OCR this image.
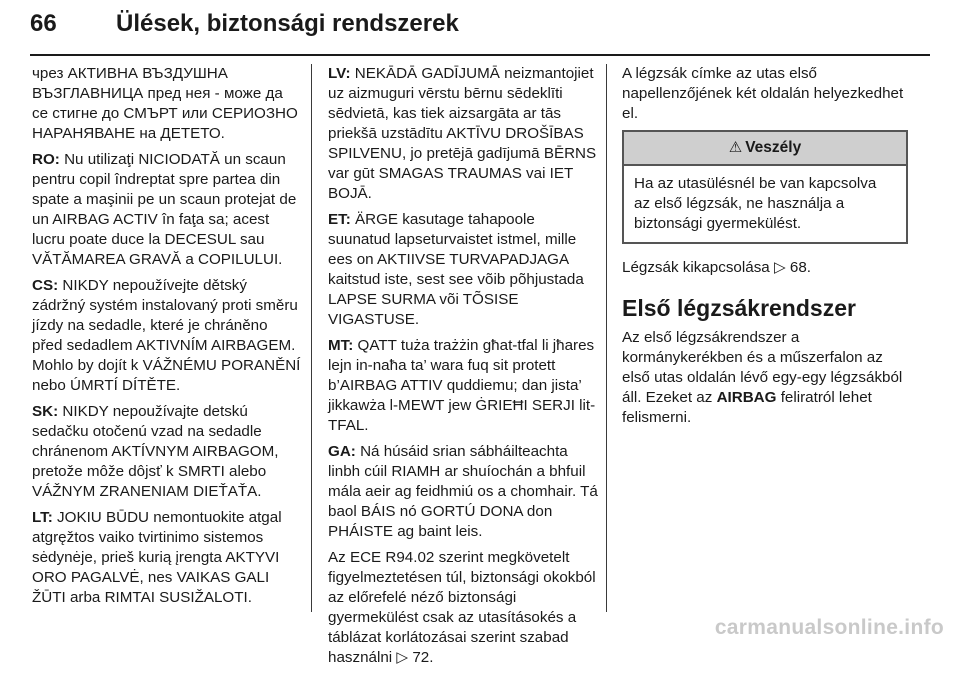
66 Ülések, biztonsági rendszerek

чрез АКТИВНА ВЪЗДУШНА ВЪЗГЛАВНИЦА пред нея - може да се стигне до СМЪРТ или СЕРИОЗНО НАРАНЯВАНЕ на ДЕТЕТО.

RO: Nu utilizaţi NICIODATĂ un scaun pentru copil îndreptat spre partea din spate a maşinii pe un scaun protejat de un AIRBAG ACTIV în faţa sa; acest lucru poate duce la DECESUL sau VĂTĂMAREA GRAVĂ a COPILULUI.

CS: NIKDY nepoužívejte dětský zádržný systém instalovaný proti směru jízdy na sedadle, které je chráněno před sedadlem AKTIVNÍM AIRBAGEM. Mohlo by dojít k VÁŽNÉMU PORANĚNÍ nebo ÚMRTÍ DÍTĚTE.

SK: NIKDY nepoužívajte detskú sedačku otočenú vzad na sedadle chránenom AKTÍVNYM AIRBAGOM, pretože môže dôjsť k SMRTI alebo VÁŽNYM ZRANENIAM DIEŤAŤA.

LT: JOKIU BŪDU nemontuokite atgal atgręžtos vaiko tvirtinimo sistemos sėdynėje, prieš kurią įrengta AKTYVI ORO PAGALVĖ, nes VAIKAS GALI ŽŪTI arba RIMTAI SUSIŽALOTI.

LV: NEKĀDĀ GADĪJUMĀ neizmantojiet uz aizmuguri vērstu bērnu sēdeklīti sēdvietā, kas tiek aizsargāta ar tās priekšā uzstādītu AKTĪVU DROŠĪBAS SPILVENU, jo pretējā gadījumā BĒRNS var gūt SMAGAS TRAUMAS vai IET BOJĀ.

ET: ÄRGE kasutage tahapoole suunatud lapseturvaistet istmel, mille ees on AKTIIVSE TURVAPADJAGA kaitstud iste, sest see võib põhjustada LAPSE SURMA või TÕSISE VIGASTUSE.

MT: QATT tuża trażżin għat-tfal li jħares lejn in-naħa ta’ wara fuq sit protett b’AIRBAG ATTIV quddiemu; dan jista’ jikkawża l-MEWT jew ĠRIEĦI SERJI lit-TFAL.

GA: Ná húsáid srian sábháilteachta linbh cúil RIAMH ar shuíochán a bhfuil mála aeir ag feidhmiú os a chomhair. Tá baol BÁIS nó GORTÚ DONA don PHÁISTE ag baint leis.

Az ECE R94.02 szerint megkövetelt figyelmeztetésen túl, biztonsági okokból az előrefelé néző biztonsági gyermekülést csak az utasításokés a táblázat korlátozásai szerint szabad használni ▷ 72.

A légzsák címke az utas első napellenzőjének két oldalán helyezkedhet el.

⚠ Veszély
Ha az utasülésnél be van kapcsolva az első légzsák, ne használja a biztonsági gyermekülést.

Légzsák kikapcsolása ▷ 68.

Első légzsákrendszer

Az első légzsákrendszer a kormánykerékben és a műszerfalon az első utas oldalán lévő egy-egy légzsákból áll. Ezeket az AIRBAG feliratról lehet felismerni.

carmanualsonline.info
